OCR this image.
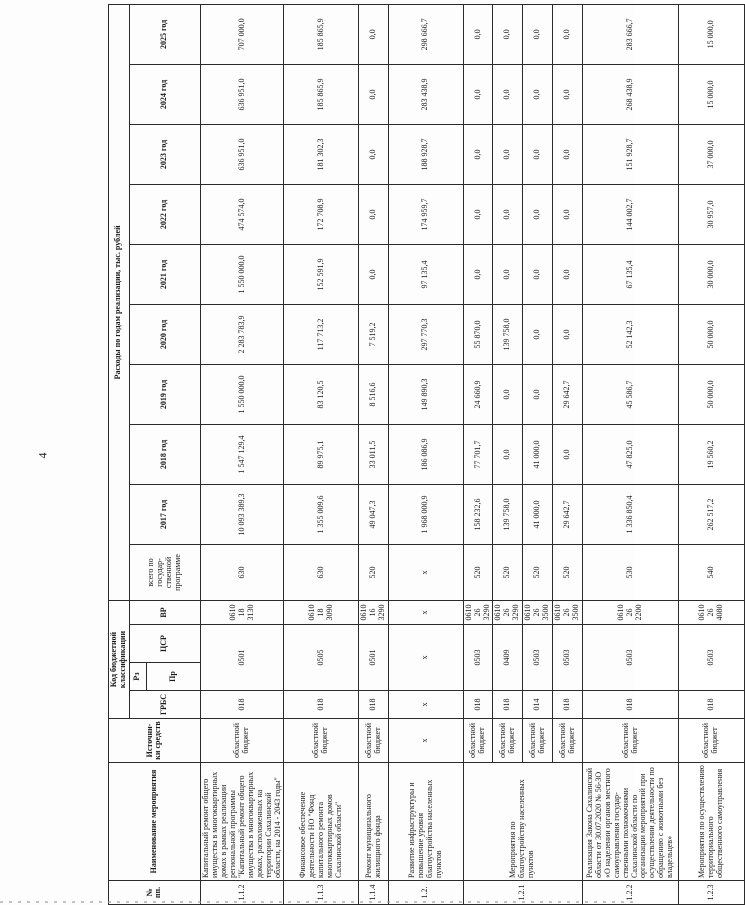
4
№ пп.	Наименование мероприятия	Источни-ки средств	Код бюджетной классификации				Расходы по годам реализации, тыс. рублей										
			ГРБС	Рз	ЦСР	ВР	всего по государ-ственной программе	2017 год	2018 год	2019 год	2020 год	2021 год	2022 год	2023 год	2024 год	2025 год	
				Пр													
1.1.2	Капитальный ремонт общего имущества в многоквартирных домах в рамках реализации региональной программы "Капитальный ремонт общего имущества в многоквартирных домах, расположенных на территории Сахалинской области, на 2014 - 2043 годы"	областной бюджет	018	0501		061018 3130	630	10 093 389,3	1 547 129,4	1 550 000,0	2 283 783,9	1 550 000,0	474 574,0	636 951,0	636 951,0	707 000,0	
1.1.3	Финансовое обеспечение деятельности НО "Фонд капитального ремонта многоквартирных домов Сахалинской области"	областной бюджет	018	0505		061018 3090	630	1 355 009,6	89 975,1	83 120,5	117 713,2	152 591,9	172 708,9	181 302,3	185 865,9	185 865,9	
1.1.4	Ремонт муниципального жилищного фонда	областной бюджет	018	0501		061016 3290	520	49 047,3	33 011,5	8 516,6	7 519,2	0,0	0,0	0,0	0,0	0,0	
1.2.	Развитие инфраструктуры и повышение уровня благоустройства населенных пунктов	x	x	x		x	x	1 968 000,9	186 086,9	149 890,3	297 770,3	97 135,4	174 959,7	188 928,7	283 438,9	298 666,7	
1.2.1	Мероприятия по благоустройству населенных пунктов	областной бюджет	018	0503		061026 3290	520	158 232,6	77 701,7	24 660,9	55 870,0	0,0	0,0	0,0	0,0	0,0	
		областной бюджет	018	0409		061026 3290	520	139 758,0	0,0	0,0	139 758,0	0,0	0,0	0,0	0,0	0,0	
		областной бюджет	014	0503		061026 3500	520	41 000,0	41 000,0	0,0	0,0	0,0	0,0	0,0	0,0	0,0	
		областной бюджет	018	0503		061026 3500	520	29 642,7	0,0	29 642,7	0,0	0,0	0,0	0,0	0,0	0,0	
1.2.2	Реализация Закона Сахалинской области от 30.07.2020 № 56-ЗО «О наделении органов местного самоуправления государ-ственными полномочиями Сахалинской области по организации мероприятий при осуществлении деятельности по обращению с животными без владельцев»	областной бюджет	018	0503		061026 2200	530	1 336 850,4	47 825,0	45 586,7	52 142,3	67 135,4	144 002,7	151 928,7	268 438,9	283 666,7	
1.2.3	Мероприятия по осуществлению территориального общественного самоуправления	областной бюджет	018	0503		061026 4080	540	262 517,2	19 560,2	50 000,0	50 000,0	30 000,0	30 957,0	37 000,0	15 000,0	15 000,0	
